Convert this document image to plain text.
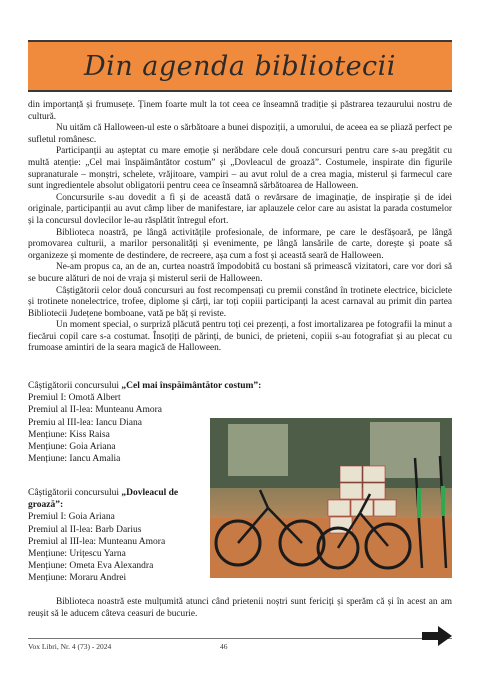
Din agenda bibliotecii

din importanță și frumusețe. Ținem foarte mult la tot ceea ce înseamnă tradiție și păstrarea tezaurului nostru de cultură.

Nu uităm că Halloween-ul este o sărbătoare a bunei dispoziții, a umorului, de aceea ea se pliază perfect pe sufletul românesc.

Participanții au așteptat cu mare emoție și nerăbdare cele două concursuri pentru care s-au pregătit cu multă atenție: „Cel mai înspăimântător costum” și „Dovleacul de groază”. Costumele, inspirate din figurile supranaturale – monștri, schelete, vrăjitoare, vampiri – au avut rolul de a crea magia, misterul și farmecul care sunt ingredientele absolut obligatorii pentru ceea ce înseamnă sărbătoarea de Halloween.

Concursurile s-au dovedit a fi și de această dată o revărsare de imaginație, de inspirație și de idei originale, participanții au avut câmp liber de manifestare, iar aplauzele celor care au asistat la parada costumelor și la concursul dovlecilor le-au răsplătit întregul efort.

Biblioteca noastră, pe lângă activitățile profesionale, de informare, pe care le desfășoară, pe lângă promovarea culturii, a marilor personalități și evenimente, pe lângă lansările de carte, dorește și poate să organizeze și momente de destindere, de recreere, așa cum a fost și această seară de Halloween.

Ne-am propus ca, an de an, curtea noastră împodobită cu bostani să primească vizitatori, care vor dori să se bucure alături de noi de vraja și misterul serii de Halloween.

Câștigătorii celor două concursuri au fost recompensați cu premii constând în trotinete electrice, biciclete și trotinete nonelectrice, trofee, diplome și cărți, iar toți copiii participanți la acest carnaval au primit din partea Bibliotecii Județene bomboane, vată pe băț și reviste.

Un moment special, o surpriză plăcută pentru toți cei prezenți, a fost imortalizarea pe fotografii la minut a fiecărui copil care s-a costumat. Însoțiți de părinți, de bunici, de prieteni, copiii s-au fotografiat și au plecat cu frumoase amintiri de la seara magică de Halloween.

Câștigătorii concursului „Cel mai înspăimântător costum”:
Premiul I: Omotă Albert
Premiul al II-lea: Munteanu Amora
Premiu al III-lea: Iancu Diana
Mențiune: Kiss Raisa
Mențiune: Goia Ariana
Mențiune: Iancu Amalia
Câștigătorii concursului „Dovleacul de groază”:
Premiul I: Goia Ariana
Premiul al II-lea: Barb Darius
Premiul al III-lea: Munteanu Amora
Mențiune: Urițescu Yarna
Mențiune: Ometa Eva Alexandra
Mențiune: Moraru Andrei

Biblioteca noastră este mulțumită atunci când prietenii noștri sunt fericiți și sperăm că și în acest an am reușit să le aducem câteva ceasuri de bucurie.

Vox Libri, Nr. 4 (73) - 2024	46
